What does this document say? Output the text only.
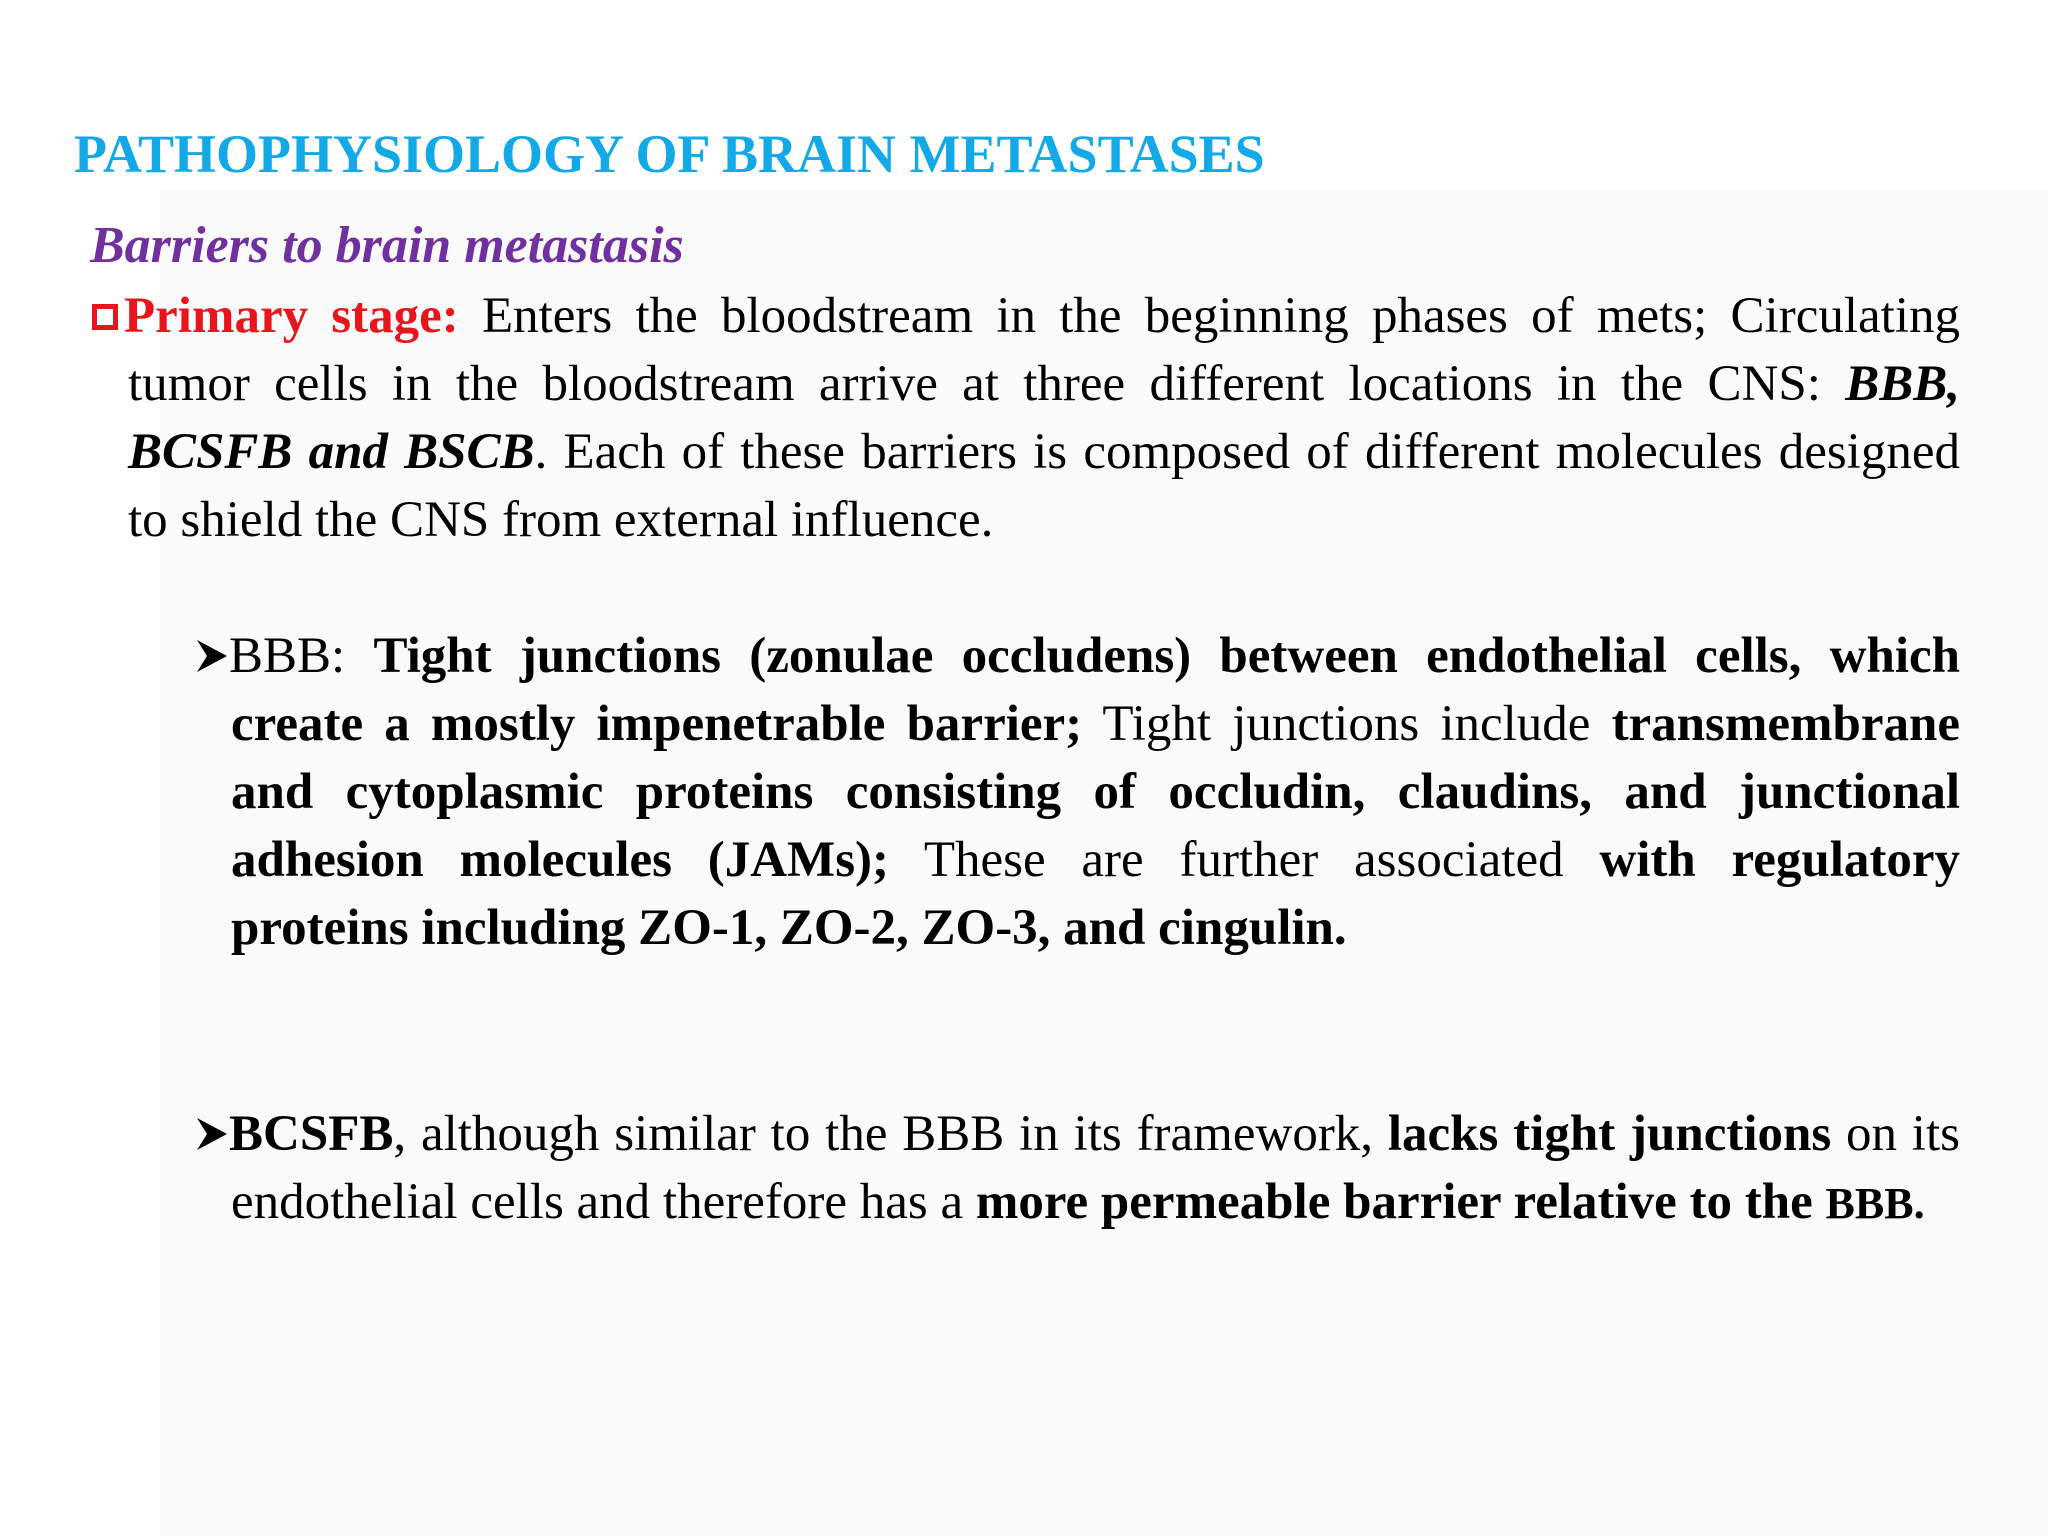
PATHOPHYSIOLOGY OF BRAIN METASTASES
Barriers to brain metastasis

Primary stage: Enters the bloodstream in the beginning phases of mets; Circulating tumor cells in the bloodstream arrive at three different locations in the CNS: BBB, BCSFB and BSCB. Each of these barriers is composed of different molecules designed to shield the CNS from external influence.

BBB: Tight junctions (zonulae occludens) between endothelial cells, which create a mostly impenetrable barrier; Tight junctions include transmembrane and cytoplasmic proteins consisting of occludin, claudins, and junctional adhesion molecules (JAMs); These are further associated with regulatory proteins including ZO-1, ZO-2, ZO-3, and cingulin.

BCSFB, although similar to the BBB in its framework, lacks tight junctions on its endothelial cells and therefore has a more permeable barrier relative to the BBB.
